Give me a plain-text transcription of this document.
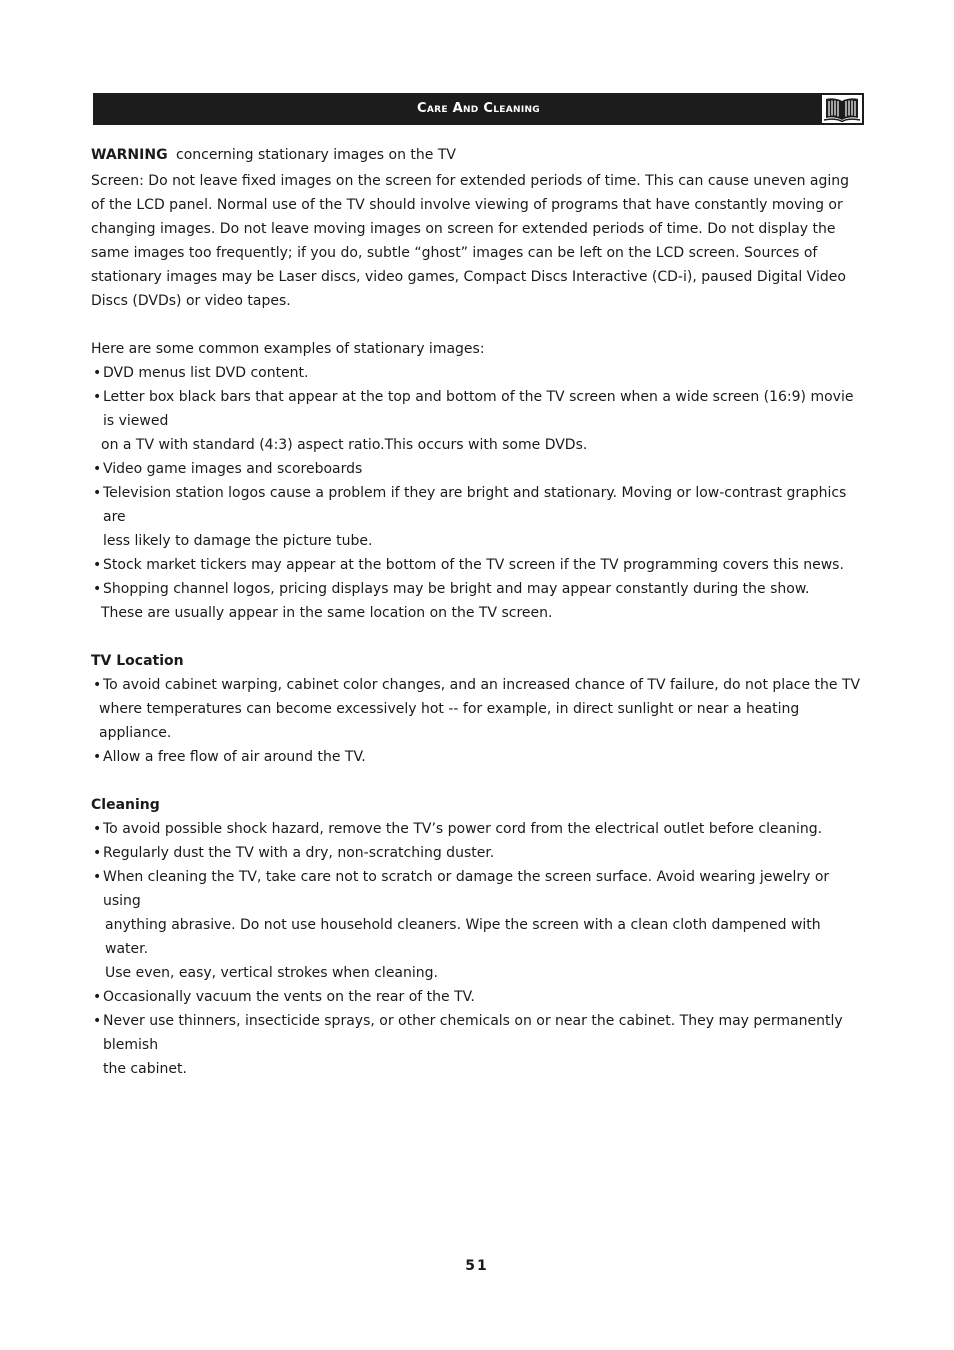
Care And Cleaning

WARNING concerning stationary images on the TV

Screen: Do not leave fixed images on the screen for extended periods of time. This can cause uneven aging of the LCD panel. Normal use of the TV should involve viewing of programs that have constantly moving or changing images. Do not leave moving images on screen for extended periods of time. Do not display the same images too frequently; if you do, subtle “ghost” images can be left on the LCD screen. Sources of stationary images may be Laser discs, video games, Compact Discs Interactive (CD-i), paused Digital Video Discs (DVDs) or video tapes.

Here are some common examples of stationary images:

• DVD menus list DVD content.

• Letter box black bars that appear at the top and bottom of the TV screen when a wide screen (16:9) movie is viewed

on a TV with standard (4:3) aspect ratio.This occurs with some DVDs.

• Video game images and scoreboards

• Television station logos cause a problem if they are bright and stationary. Moving or low-contrast graphics are

less likely to damage the picture tube.

• Stock market tickers may appear at the bottom of the TV screen if the TV programming covers this news.

• Shopping channel logos, pricing displays may be bright and may appear constantly during the show.

These are usually appear in the same location on the TV screen.

TV Location

• To avoid cabinet warping, cabinet color changes, and an increased chance of TV failure, do not place the TV

where temperatures can become excessively hot -- for example, in direct sunlight or near a heating appliance.

• Allow a free flow of air around the TV.

Cleaning

• To avoid possible shock hazard, remove the TV’s power cord from the electrical outlet before cleaning.

• Regularly dust the TV with a dry, non-scratching duster.

• When cleaning the TV, take care not to scratch or damage the screen surface. Avoid wearing jewelry or using

anything abrasive. Do not use household cleaners. Wipe the screen with a clean cloth dampened with water.

Use even, easy, vertical strokes when cleaning.

• Occasionally vacuum the vents on the rear of the TV.

• Never use thinners, insecticide sprays, or other chemicals on or near the cabinet. They may permanently blemish

the cabinet.

51
